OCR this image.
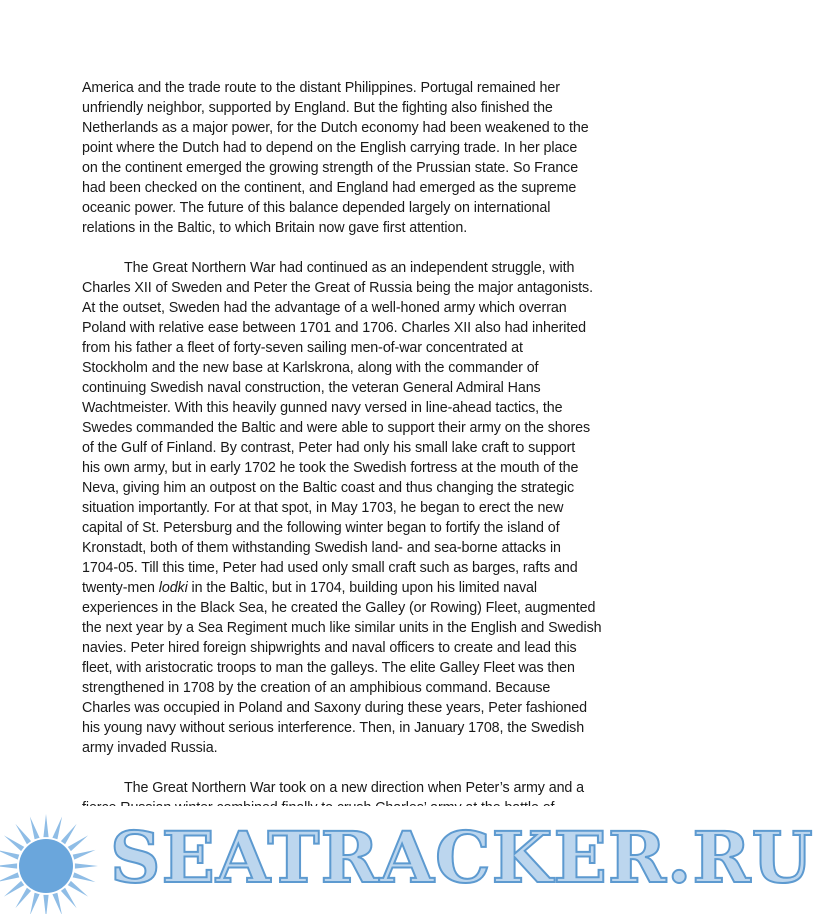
America and the trade route to the distant Philippines. Portugal remained her
unfriendly neighbor, supported by England. But the fighting also finished the
Netherlands as a major power, for the Dutch economy had been weakened to the
point where the Dutch had to depend on the English carrying trade. In her place
on the continent emerged the growing strength of the Prussian state. So France
had been checked on the continent, and England had emerged as the supreme
oceanic power. The future of this balance depended largely on international
relations in the Baltic, to which Britain now gave first attention.
The Great Northern War had continued as an independent struggle, with
Charles XII of Sweden and Peter the Great of Russia being the major antagonists.
At the outset, Sweden had the advantage of a well-honed army which overran
Poland with relative ease between 1701 and 1706. Charles XII also had inherited
from his father a fleet of forty-seven sailing men-of-war concentrated at
Stockholm and the new base at Karlskrona, along with the commander of
continuing Swedish naval construction, the veteran General Admiral Hans
Wachtmeister. With this heavily gunned navy versed in line-ahead tactics, the
Swedes commanded the Baltic and were able to support their army on the shores
of the Gulf of Finland. By contrast, Peter had only his small lake craft to support
his own army, but in early 1702 he took the Swedish fortress at the mouth of the
Neva, giving him an outpost on the Baltic coast and thus changing the strategic
situation importantly. For at that spot, in May 1703, he began to erect the new
capital of St. Petersburg and the following winter began to fortify the island of
Kronstadt, both of them withstanding Swedish land- and sea-borne attacks in
1704-05. Till this time, Peter had used only small craft such as barges, rafts and
twenty-men lodki in the Baltic, but in 1704, building upon his limited naval
experiences in the Black Sea, he created the Galley (or Rowing) Fleet, augmented
the next year by a Sea Regiment much like similar units in the English and Swedish
navies. Peter hired foreign shipwrights and naval officers to create and lead this
fleet, with aristocratic troops to man the galleys. The elite Galley Fleet was then
strengthened in 1708 by the creation of an amphibious command. Because
Charles was occupied in Poland and Saxony during these years, Peter fashioned
his young navy without serious interference. Then, in January 1708, the Swedish
army invaded Russia.
The Great Northern War took on a new direction when Peter’s army and a
SEATRACKER.RU
